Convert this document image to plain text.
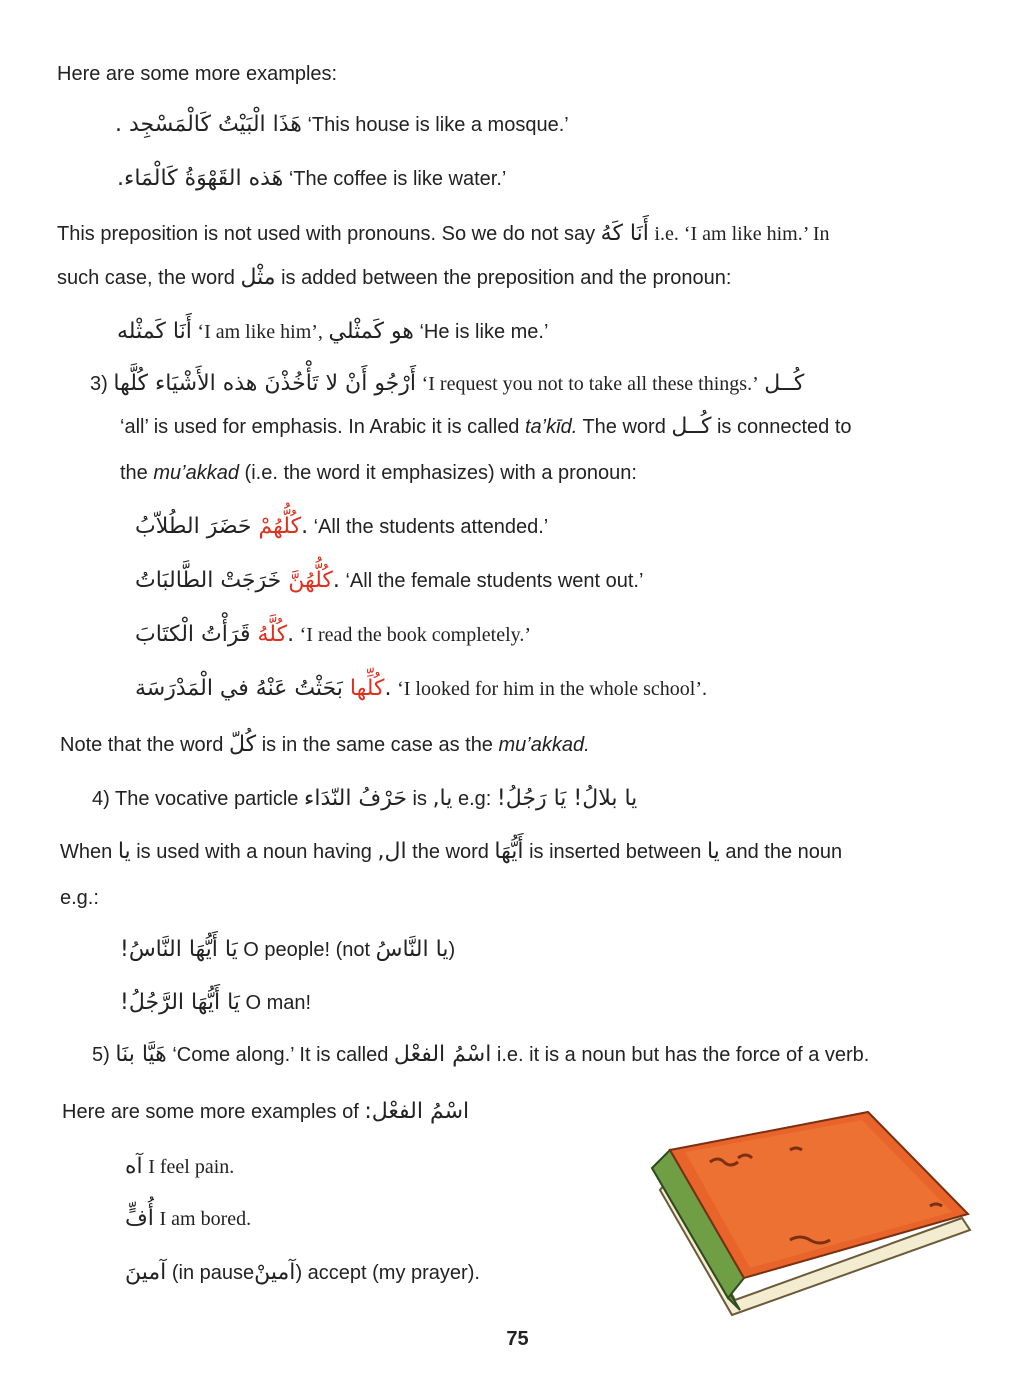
Here are some more examples:
هَذَا الْبَيْتُ كَالْمَسْجِد . ‘This house is like a mosque.’
هَذه القَهْوَةُ كَالْمَاء. ‘The coffee is like water.’
This preposition is not used with pronouns. So we do not say أَنَا كَهُ i.e. ‘I am like him.’ In
such case, the word مثْل is added between the preposition and the pronoun:
أَنَا كَمثْله ‘I am like him’, هو كَمثْلي ‘He is like me.’
3) أَرْجُو أَنْ لا تَأْخُذْنَ هذه الأَشْيَاء كُلَّها ‘I request you not to take all these things.’ كُــل
‘all’ is used for emphasis. In Arabic it is called ta’kīd. The word كُــل is connected to
the mu’akkad (i.e. the word it emphasizes) with a pronoun:
.كُلُّهُمْ حَضَرَ الطُلاّبُ	‘All the students attended.’
.كُلُّهُنَّ خَرَجَتْ الطَّالبَاتُ	‘All the female students went out.’
.كُلَّهُ قَرَأْتُ الْكتَابَ ‘I read the book completely.’
.كُلِّها بَحَثْتُ عَنْهُ في الْمَدْرَسَة	‘I looked for him in the whole school’.
Note that the word كُلّ is in the same case as the mu’akkad.
4) The vocative particle حَرْفُ النّدَاء is يا, e.g: يا بلالُ! يَا رَجُلُ!
When يا is used with a noun having ال, the word أَيُّهَا is inserted between يا and the noun
e.g.:
يَا أَيُّهَا النَّاسُ! O people! (not يا النَّاسُ)
يَا أَيُّهَا الرَّجُلُ! O man!
5) هَيَّا بنَا ‘Come along.’ It is called اسْمُ الفعْل i.e. it is a noun but has the force of a verb.
Here are some more examples of اسْمُ الفعْل:
آه I feel pain.
أُفٍّ I am bored.
آمينَ (in pauseآمينْ) accept (my prayer).
75
